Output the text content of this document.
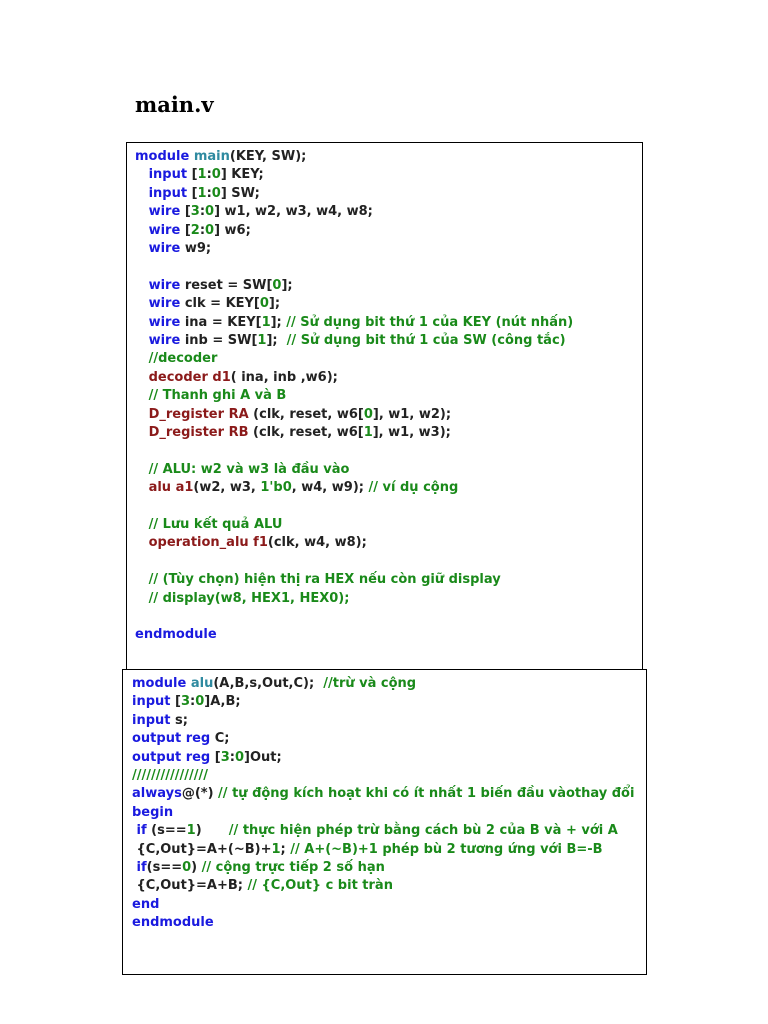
main.v
module main(KEY, SW);
input [1:0] KEY;
input [1:0] SW;
wire [3:0] w1, w2, w3, w4, w8;
wire [2:0] w6;
wire w9;
wire reset = SW[0];
wire clk = KEY[0];
wire ina = KEY[1]; // Sử dụng bit thứ 1 của KEY (nút nhấn)
wire inb = SW[1];  // Sử dụng bit thứ 1 của SW (công tắc)
//decoder
decoder d1( ina, inb ,w6);
// Thanh ghi A và B
D_register RA (clk, reset, w6[0], w1, w2);
D_register RB (clk, reset, w6[1], w1, w3);
// ALU: w2 và w3 là đầu vào
alu a1(w2, w3, 1'b0, w4, w9); // ví dụ cộng
// Lưu kết quả ALU
operation_alu f1(clk, w4, w8);
// (Tùy chọn) hiện thị ra HEX nếu còn giữ display
// display(w8, HEX1, HEX0);
endmodule
module alu(A,B,s,Out,C);  //trừ và cộng
input [3:0]A,B;
input s;
output reg C;
output reg [3:0]Out;
////////////////
always@(*) // tự động kích hoạt khi có ít nhất 1 biến đầu vàothay đổi
begin
if (s==1)      // thực hiện phép trừ bằng cách bù 2 của B và + với A
{C,Out}=A+(~B)+1; // A+(~B)+1 phép bù 2 tương ứng với B=-B
if(s==0) // cộng trực tiếp 2 số hạn
{C,Out}=A+B; // {C,Out} c bit tràn
end
endmodule
